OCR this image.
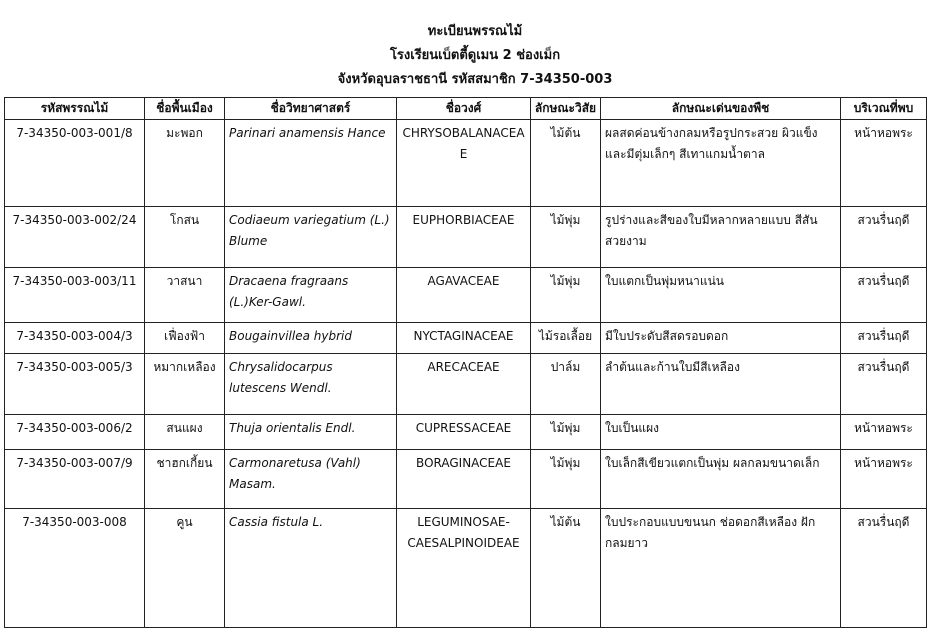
ทะเบียนพรรณไม้
โรงเรียนเบ็ตตี้ดูเมน 2 ช่องเม็ก
จังหวัดอุบลราชธานี รหัสสมาชิก 7-34350-003
รหัสพรรณไม้	ชื่อพื้นเมือง	ชื่อวิทยาศาสตร์	ชื่อวงศ์	ลักษณะวิสัย	ลักษณะเด่นของพืช	บริเวณที่พบ
7-34350-003-001/8	มะพอก	Parinari anamensis Hance	CHRYSOBALANACEAE	ไม้ต้น	ผลสดค่อนข้างกลมหรือรูปกระสวย ผิวแข็งและมีตุ่มเล็กๆ สีเทาแกมน้ำตาล	หน้าหอพระ
7-34350-003-002/24	โกสน	Codiaeum variegatium (L.) Blume	EUPHORBIACEAE	ไม้พุ่ม	รูปร่างและสีของใบมีหลากหลายแบบ สีสันสวยงาม	สวนรื่นฤดี
7-34350-003-003/11	วาสนา	Dracaena fragraans (L.)Ker-Gawl.	AGAVACEAE	ไม้พุ่ม	ใบแตกเป็นพุ่มหนาแน่น	สวนรื่นฤดี
7-34350-003-004/3	เฟื่องฟ้า	Bougainvillea hybrid	NYCTAGINACEAE	ไม้รอเลื้อย	มีใบประดับสีสดรอบดอก	สวนรื่นฤดี
7-34350-003-005/3	หมากเหลือง	Chrysalidocarpus lutescens Wendl.	ARECACEAE	ปาล์ม	ลำต้นและก้านใบมีสีเหลือง	สวนรื่นฤดี
7-34350-003-006/2	สนแผง	Thuja orientalis Endl.	CUPRESSACEAE	ไม้พุ่ม	ใบเป็นแผง	หน้าหอพระ
7-34350-003-007/9	ชาฮกเกี้ยน	Carmonaretusa (Vahl) Masam.	BORAGINACEAE	ไม้พุ่ม	ใบเล็กสีเขียวแตกเป็นพุ่ม ผลกลมขนาดเล็ก	หน้าหอพระ
7-34350-003-008	คูน	Cassia fistula L.	LEGUMINOSAE-CAESALPINOIDEAE	ไม้ต้น	ใบประกอบแบบขนนก ช่อดอกสีเหลือง ฝักกลมยาว	สวนรื่นฤดี
